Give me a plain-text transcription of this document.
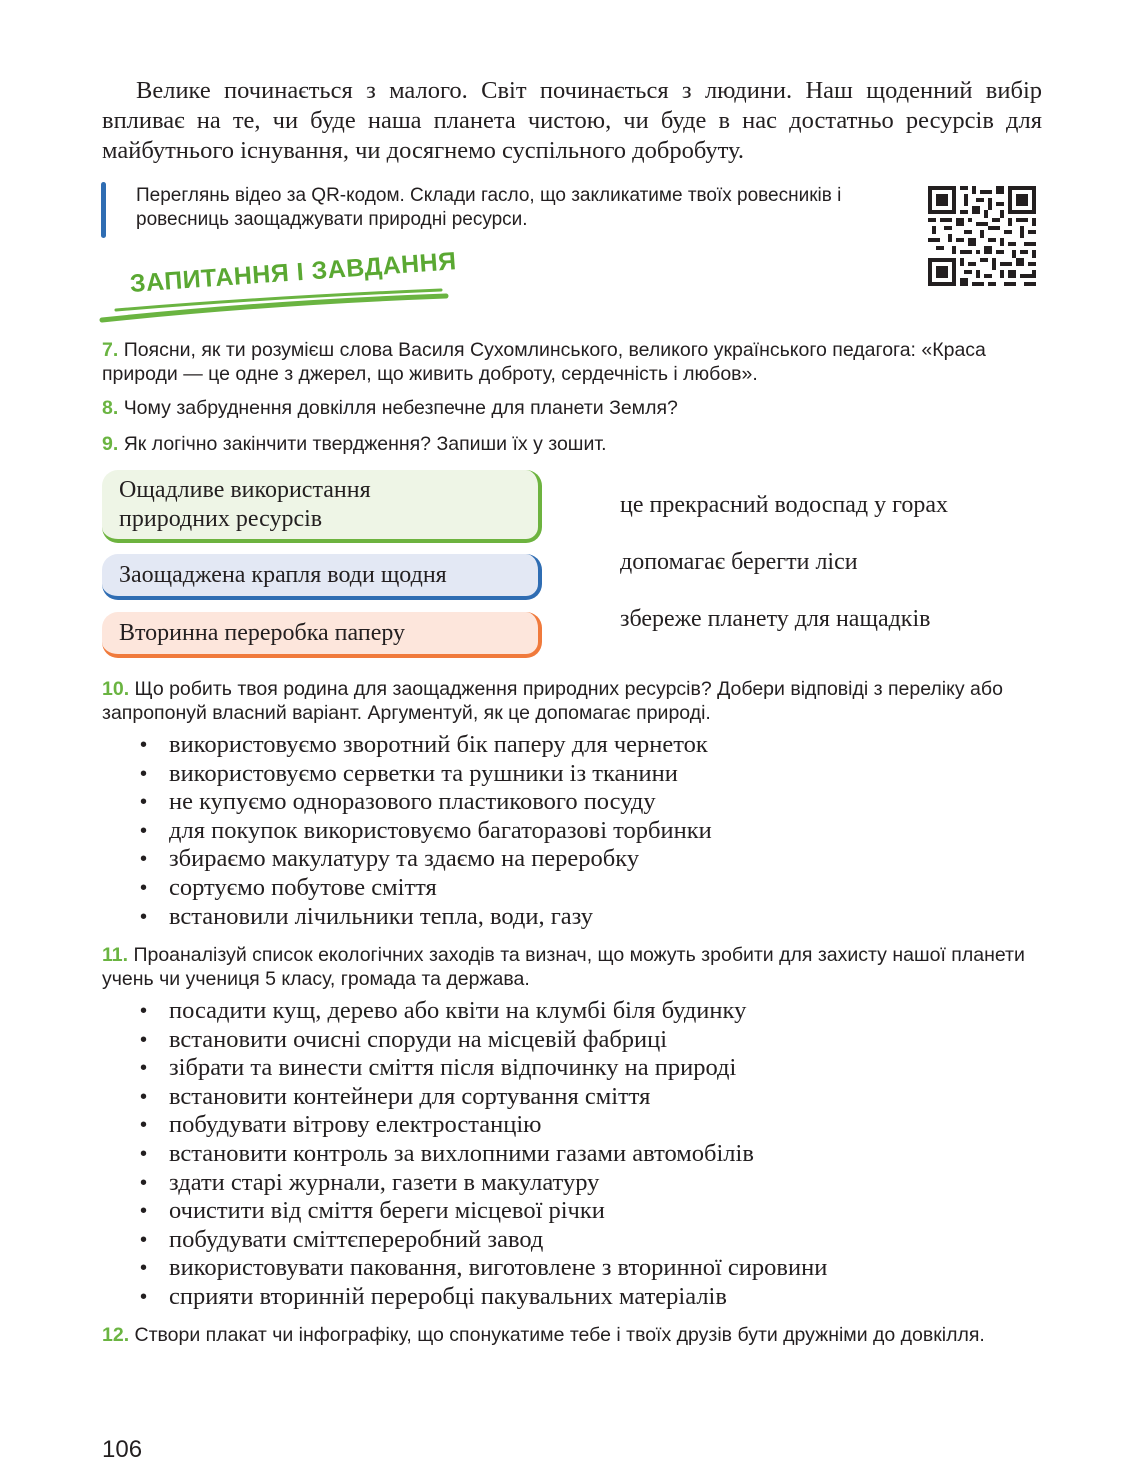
Велике починається з малого. Світ починається з людини. Наш щоденний вибір впливає на те, чи буде наша планета чистою, чи буде в нас достатньо ресурсів для майбутнього існування, чи досягнемо суспільного добробуту.

Переглянь відео за QR-кодом. Склади гасло, що закликатиме твоїх ровесників і ровесниць заощаджувати природні ресурси.

ЗАПИТАННЯ І ЗАВДАННЯ

7. Поясни, як ти розумієш слова Василя Сухомлинського, великого українського педагога: «Краса природи — це одне з джерел, що живить доброту, сердечність і любов».

8. Чому забруднення довкілля небезпечне для планети Земля?

9. Як логічно закінчити твердження? Запиши їх у зошит.

Ощадливе використання природних ресурсів
Заощаджена крапля води щодня
Вторинна переробка паперу
це прекрасний водоспад у горах
допомагає берегти ліси
збереже планету для нащадків

10. Що робить твоя родина для заощадження природних ресурсів? Добери відповіді з переліку або запропонуй власний варіант. Аргументуй, як це допомагає природі.

• використовуємо зворотний бік паперу для чернеток
• використовуємо серветки та рушники із тканини
• не купуємо одноразового пластикового посуду
• для покупок використовуємо багаторазові торбинки
• збираємо макулатуру та здаємо на переробку
• сортуємо побутове сміття
• встановили лічильники тепла, води, газу

11. Проаналізуй список екологічних заходів та визнач, що можуть зробити для захисту нашої планети учень чи учениця 5 класу, громада та держава.

• посадити кущ, дерево або квіти на клумбі біля будинку
• встановити очисні споруди на місцевій фабриці
• зібрати та винести сміття після відпочинку на природі
• встановити контейнери для сортування сміття
• побудувати вітрову електростанцію
• встановити контроль за вихлопними газами автомобілів
• здати старі журнали, газети в макулатуру
• очистити від сміття береги місцевої річки
• побудувати сміттєпереробний завод
• використовувати паковання, виготовлене з вторинної сировини
• сприяти вторинній переробці пакувальних матеріалів

12. Створи плакат чи інфографіку, що спонукатиме тебе і твоїх друзів бути дружніми до довкілля.

106
